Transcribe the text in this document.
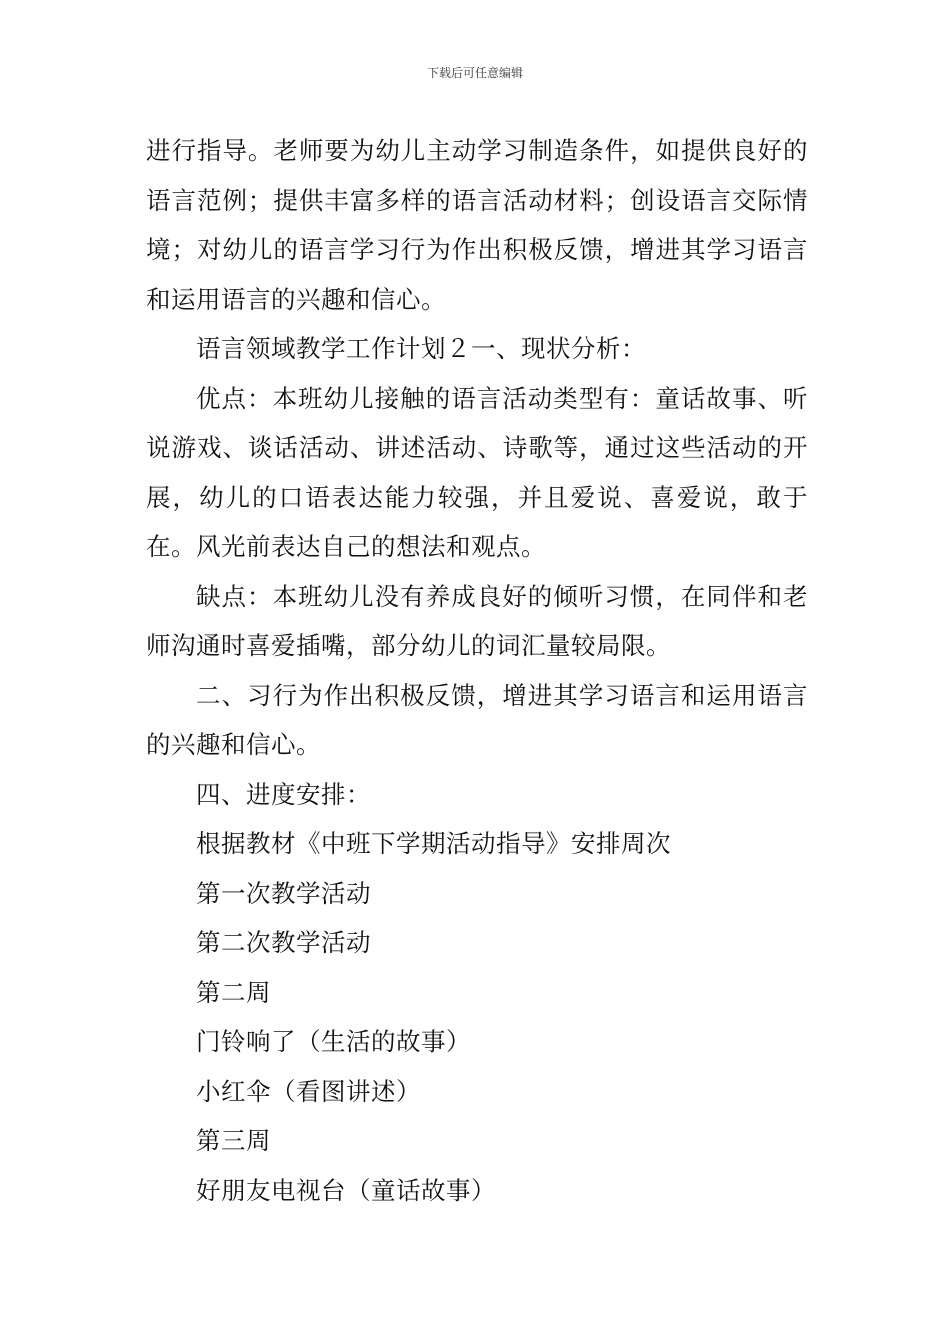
下载后可任意编辑

进行指导。老师要为幼儿主动学习制造条件，如提供良好的语言范例；提供丰富多样的语言活动材料；创设语言交际情境；对幼儿的语言学习行为作出积极反馈，增进其学习语言和运用语言的兴趣和信心。

语言领域教学工作计划２一、现状分析：

优点：本班幼儿接触的语言活动类型有：童话故事、听说游戏、谈话活动、讲述活动、诗歌等，通过这些活动的开展，幼儿的口语表达能力较强，并且爱说、喜爱说，敢于在。风光前表达自己的想法和观点。

缺点：本班幼儿没有养成良好的倾听习惯，在同伴和老师沟通时喜爱插嘴，部分幼儿的词汇量较局限。

二、习行为作出积极反馈，增进其学习语言和运用语言的兴趣和信心。

四、进度安排：

根据教材《中班下学期活动指导》安排周次

第一次教学活动

第二次教学活动

第二周

门铃响了（生活的故事）

小红伞（看图讲述）

第三周

好朋友电视台（童话故事）
